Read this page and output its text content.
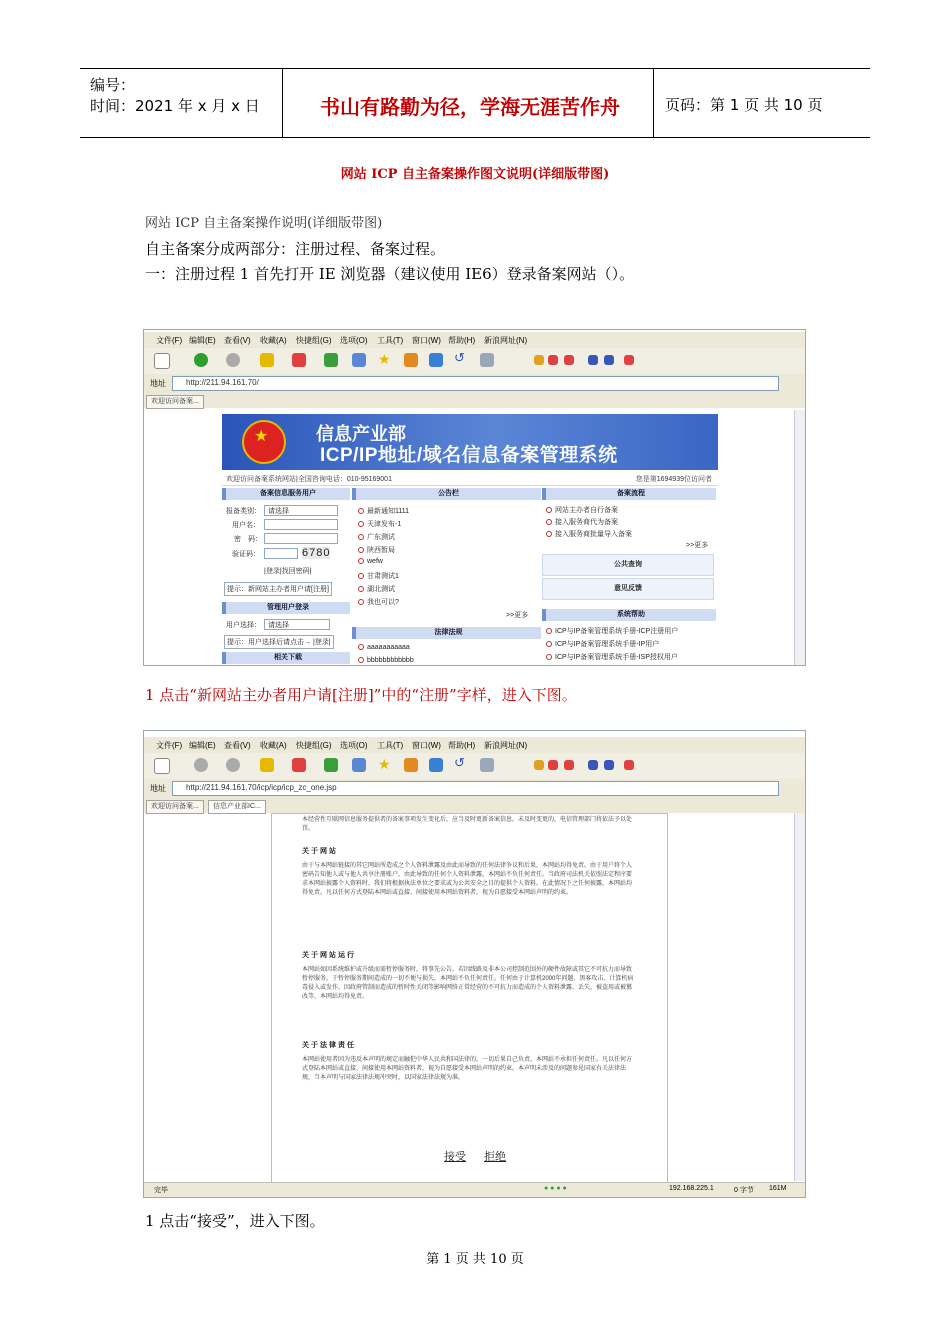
编号：
时间：2021 年 x 月 x 日	书山有路勤为径，学海无涯苦作舟	页码：第 1 页 共 10 页
网站 ICP 自主备案操作图文说明(详细版带图)
网站 ICP 自主备案操作说明(详细版带图)
自主备案分成两部分：注册过程、备案过程。
一：注册过程 1 首先打开 IE 浏览器（建议使用 IE6）登录备案网站（）。
文件(F) 编辑(E) 查看(V) 收藏(A) 快捷组(G) 选项(O) 工具(T) 窗口(W) 帮助(H) 新浪网址(N)
★	↺
地址	http://211.94.161.70/
欢迎访问备案...
★	信息产业部
ICP/IP地址/域名信息备案管理系统
欢迎访问备案系统网站|全国咨询电话：010-95169001	您是第1694939位访问者
备案信息服务用户
报备类别： 请选择
用户名：
密　码：
验证码：	6780
|登录|找回密码|
提示：新网站主办者用户请[注册]
管理用户登录
用户选择： 请选择
提示：用户选择后请点击→ |登录|
相关下载
公告栏
最新通知1111
天津发布-1
广东测试
陕西暂局
wefw
甘肃测试1
湖北测试
我也可以?
>>更多
法律法规
aaaaaaaaaaa
bbbbbbbbbbbb
备案流程
网站主办者自行备案
接入服务商代为备案
接入服务商批量导入备案
>>更多
公共查询
意见反馈
系统帮助
ICP与IP备案管理系统手册-ICP注册用户
ICP与IP备案管理系统手册-IP用户
ICP与IP备案管理系统手册-ISP授权用户
1 点击“新网站主办者用户请[注册]”中的“注册”字样，进入下图。
文件(F) 编辑(E) 查看(V) 收藏(A) 快捷组(G) 选项(O) 工具(T) 窗口(W) 帮助(H) 新浪网址(N)
★	↺
地址	http://211.94.161.70/icp/icp/icp_zc_one.jsp
欢迎访问备案...	信息产业部IC...
本经营性互联网信息服务提供者的备案事项发生变化后，应当及时更新备案信息。未及时变更的，电信管理部门将依法予以处罚。
关于网站
由于与本网站链接的其它网站所造成之个人资料泄露及由此而导致的任何法律争议和后果，本网站均得免责。由于用户将个人密码告知他人或与他人共享注册账户，由此导致的任何个人资料泄露，本网站不负任何责任。当政府司法机关依照法定程序要求本网站披露个人资料时，我们将根据执法单位之要求或为公共安全之目的提供个人资料。在此情况下之任何披露，本网站均得免责。凡以任何方式登陆本网站或直接、间接使用本网站资料者，视为自愿接受本网站声明的约束。
关于网站运行
本网站如因系统维护或升级而需暂停服务时，将事先公告。若因线路及非本公司控制范围外的硬件故障或其它不可抗力而导致暂停服务，于暂停服务期间造成的一切不便与损失，本网站不负任何责任。任何由于计算机2000年问题、黑客攻击、计算机病毒侵入或发作、因政府管制而造成的暂时性关闭等影响网络正常经营的不可抗力而造成的个人资料泄露、丢失、被盗用或被篡改等，本网站均得免责。
关于法律责任
本网站使用者因为违反本声明的规定而触犯中华人民共和国法律的，一切后果自己负责，本网站不承担任何责任。凡以任何方式登陆本网站或直接、间接使用本网站资料者，视为自愿接受本网站声明的约束。本声明未涉及的问题参见国家有关法律法规，当本声明与国家法律法规冲突时，以国家法律法规为准。
接受 拒绝
完毕	● ● ● ●	192.168.225.1	0 字节 161M
1 点击“接受”，进入下图。
第 1 页 共 10 页
